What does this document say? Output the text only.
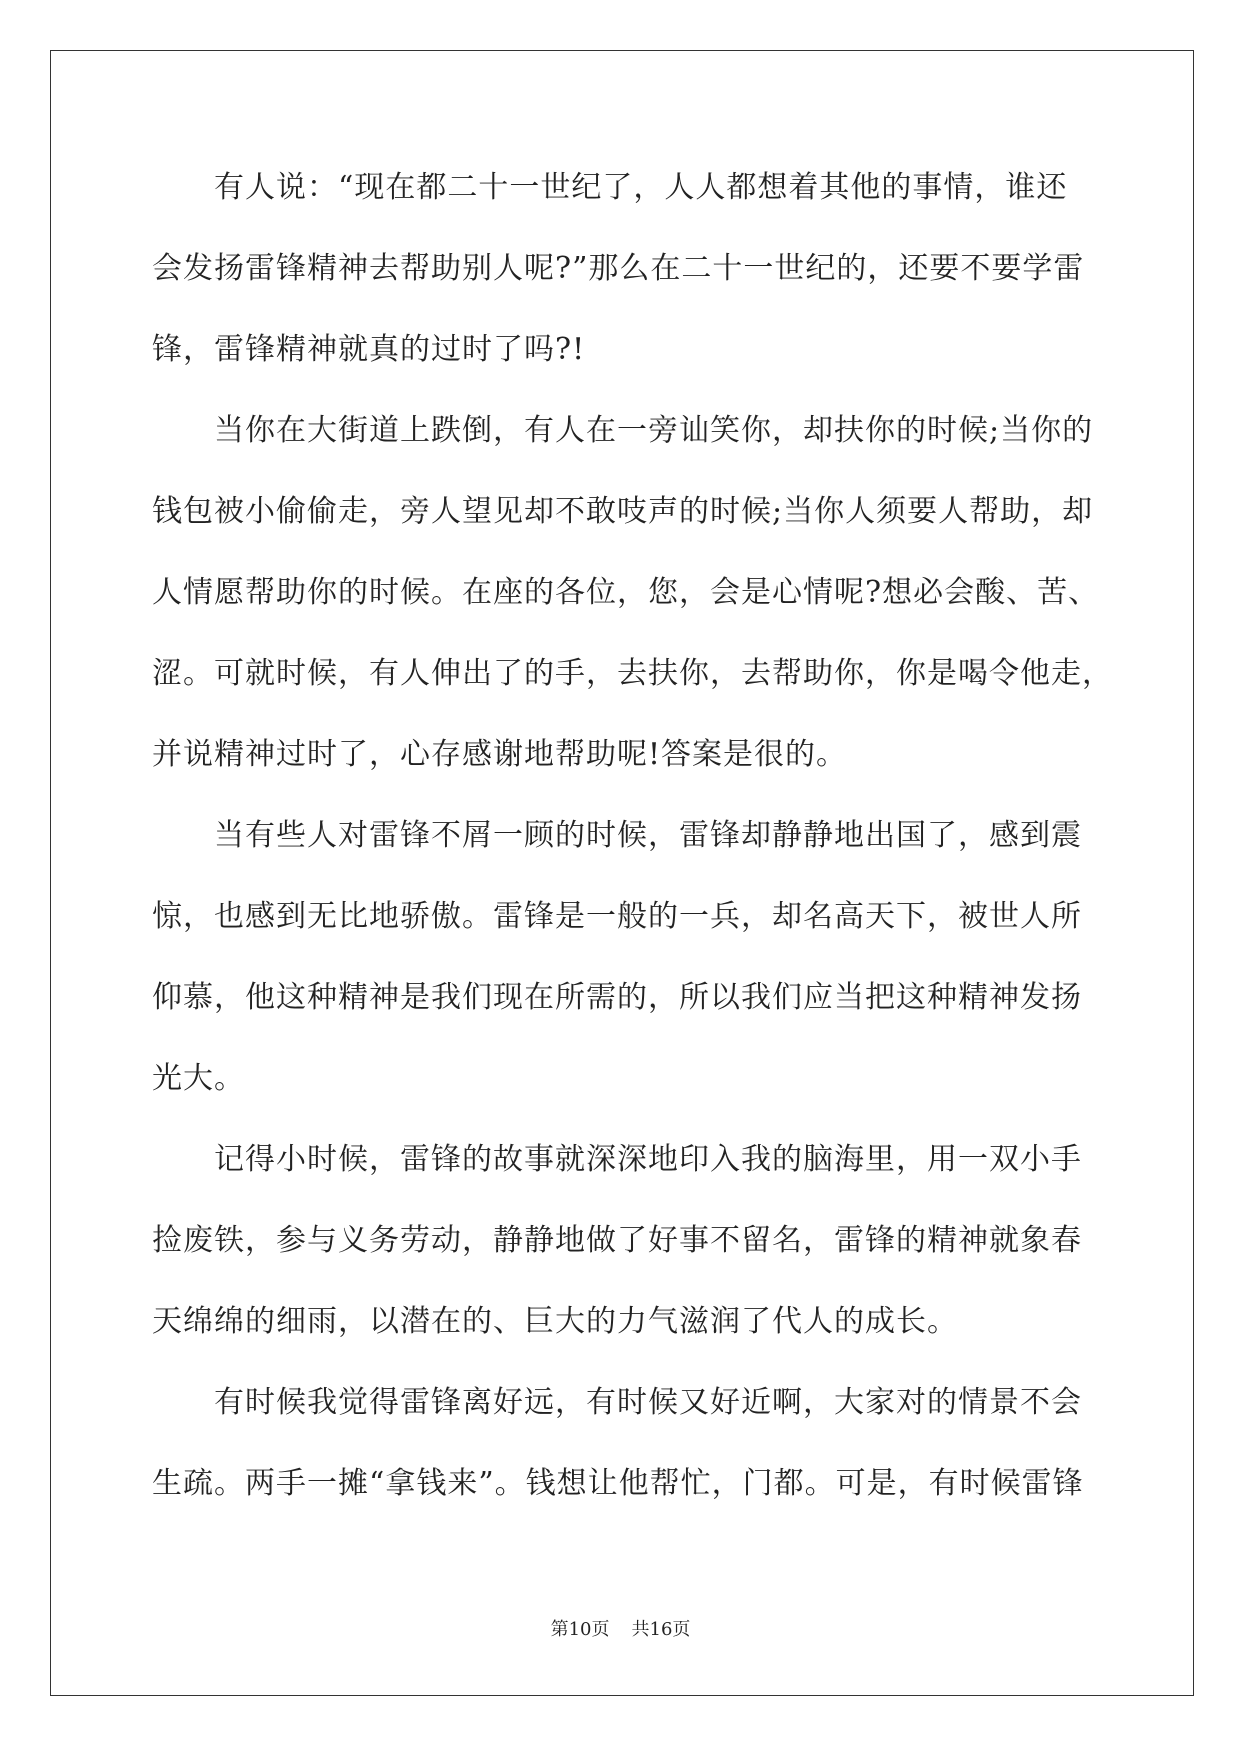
有人说：“现在都二十一世纪了，人人都想着其他的事情，谁还
会发扬雷锋精神去帮助别人呢?”那么在二十一世纪的，还要不要学雷
锋，雷锋精神就真的过时了吗?!
当你在大街道上跌倒，有人在一旁讪笑你，却扶你的时候;当你的
钱包被小偷偷走，旁人望见却不敢吱声的时候;当你人须要人帮助，却
人情愿帮助你的时候。在座的各位，您，会是心情呢?想必会酸、苦、
涩。可就时候，有人伸出了的手，去扶你，去帮助你，你是喝令他走，
并说精神过时了，心存感谢地帮助呢!答案是很的。
当有些人对雷锋不屑一顾的时候，雷锋却静静地出国了，感到震
惊，也感到无比地骄傲。雷锋是一般的一兵，却名高天下，被世人所
仰慕，他这种精神是我们现在所需的，所以我们应当把这种精神发扬
光大。
记得小时候，雷锋的故事就深深地印入我的脑海里，用一双小手
捡废铁，参与义务劳动，静静地做了好事不留名，雷锋的精神就象春
天绵绵的细雨，以潜在的、巨大的力气滋润了代人的成长。
有时候我觉得雷锋离好远，有时候又好近啊，大家对的情景不会
生疏。两手一摊“拿钱来”。钱想让他帮忙，门都。可是，有时候雷锋
第10页 共16页
